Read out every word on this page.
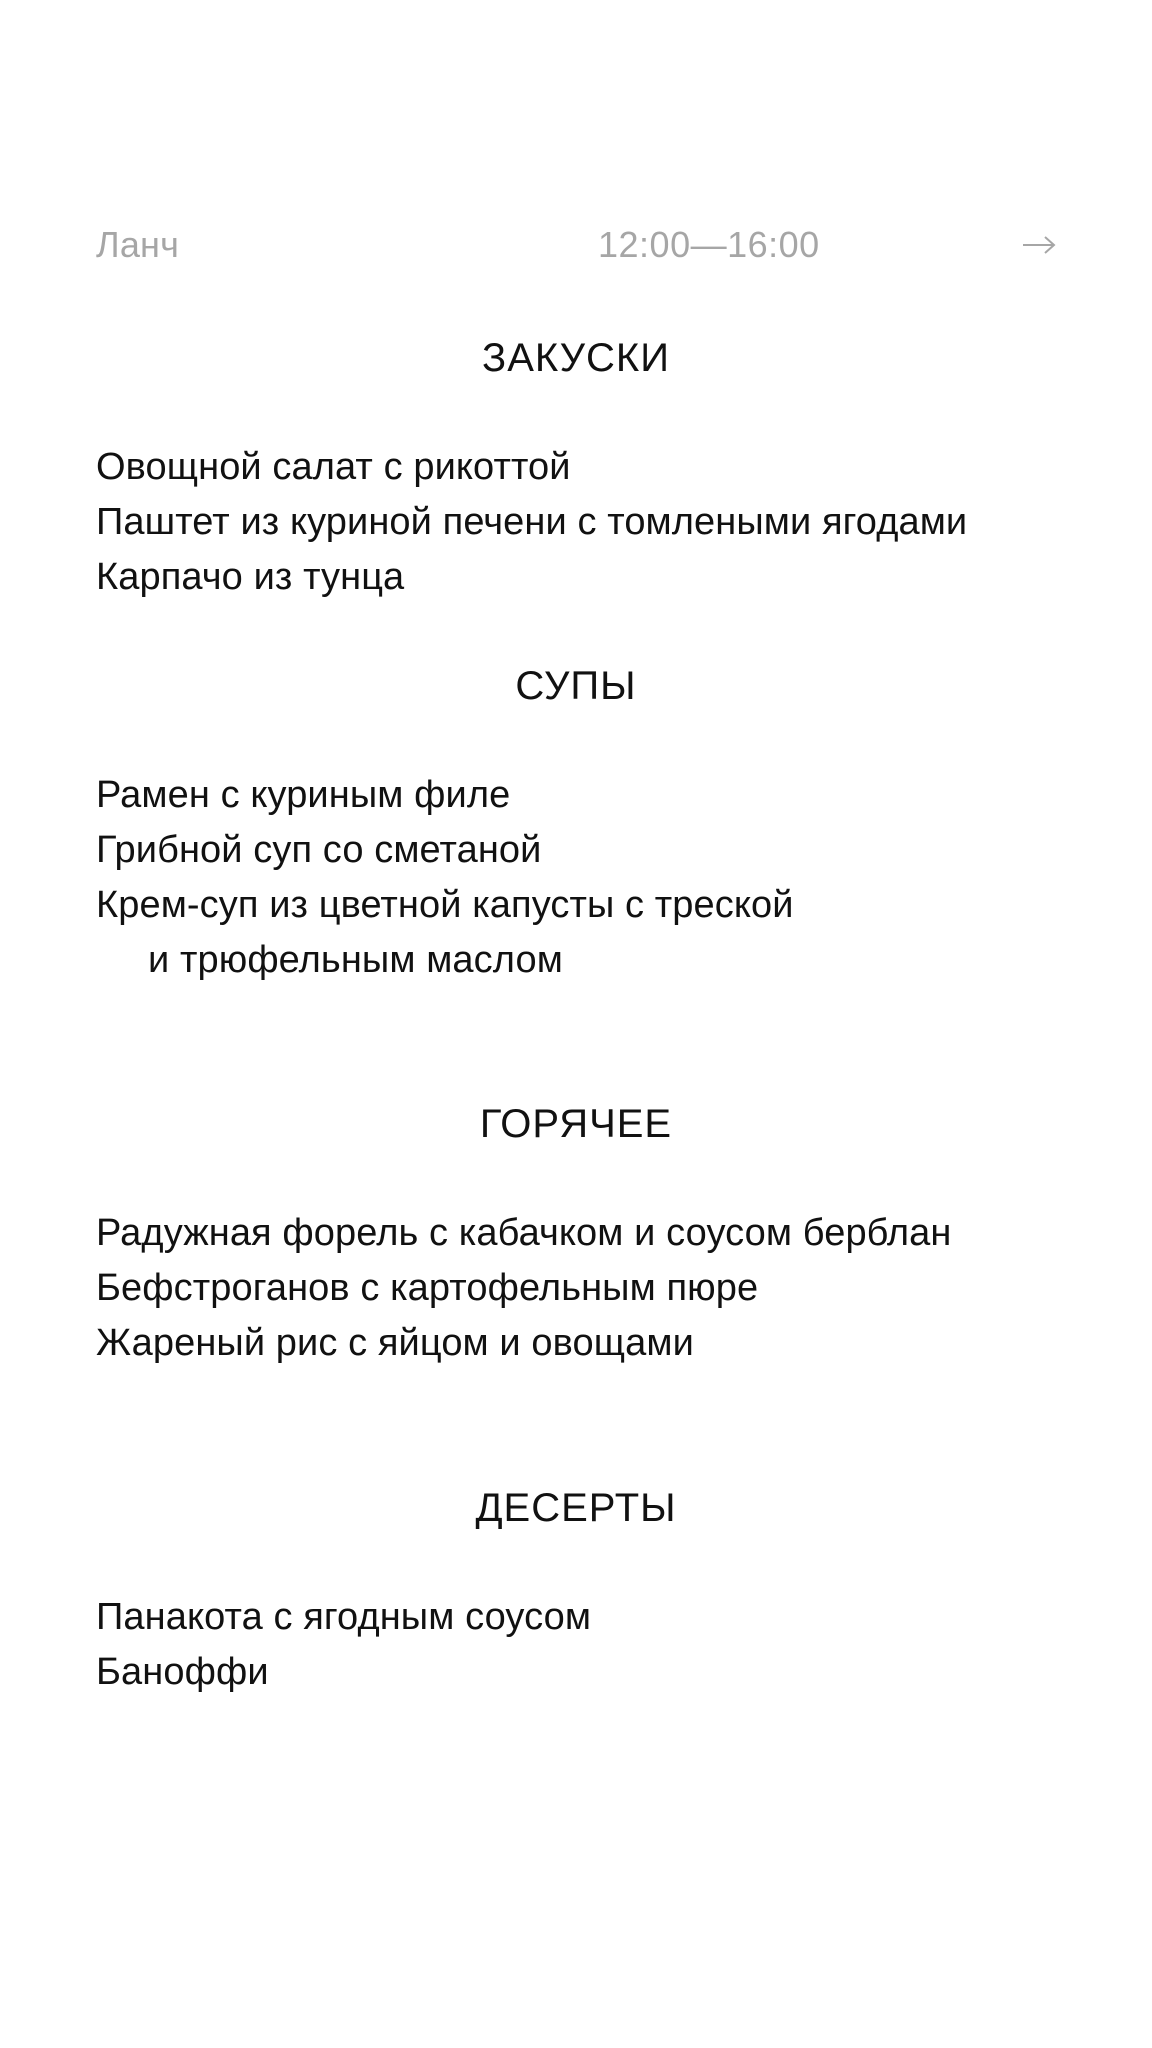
Ланч	12:00—16:00
ЗАКУСКИ
Овощной салат с рикоттой
Паштет из куриной печени с томлеными ягодами
Карпачо из тунца
СУПЫ
Рамен с куриным филе
Грибной суп со сметаной
Крем-суп из цветной капусты с треской
и трюфельным маслом
ГОРЯЧЕЕ
Радужная форель с кабачком и соусом берблан
Бефстроганов с картофельным пюре
Жареный рис с яйцом и овощами
ДЕСЕРТЫ
Панакота с ягодным соусом
Баноффи
